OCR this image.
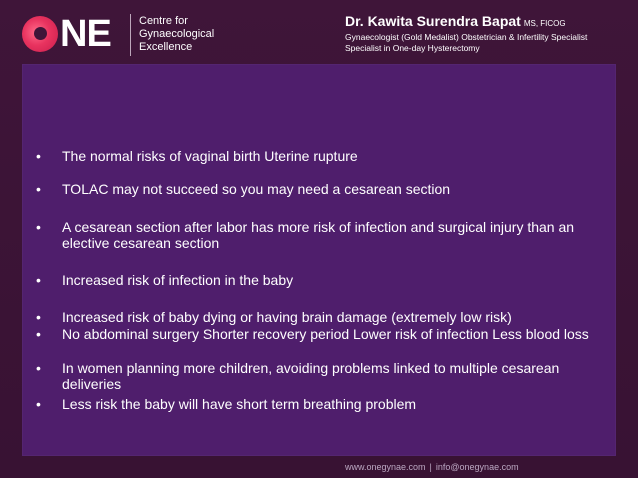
NE	Centre for
Gynaecological
Excellence
Dr. Kawita Surendra Bapat MS, FICOG
Gynaecologist (Gold Medalist) Obstetrician & Infertility Specialist
Specialist in One-day Hysterectomy
•	The normal risks of vaginal birth Uterine rupture
•	TOLAC may not succeed so you may need a cesarean section
•	A cesarean section after labor has more risk of infection and surgical injury than an elective cesarean section
•	Increased risk of infection in the baby
•	Increased risk of baby dying or having brain damage (extremely low risk)
•	No abdominal surgery Shorter recovery period Lower risk of infection Less blood loss
•	In women planning more children, avoiding problems linked to multiple cesarean deliveries
•	Less risk the baby will have short term breathing problem
www.onegynae.com | info@onegynae.com
